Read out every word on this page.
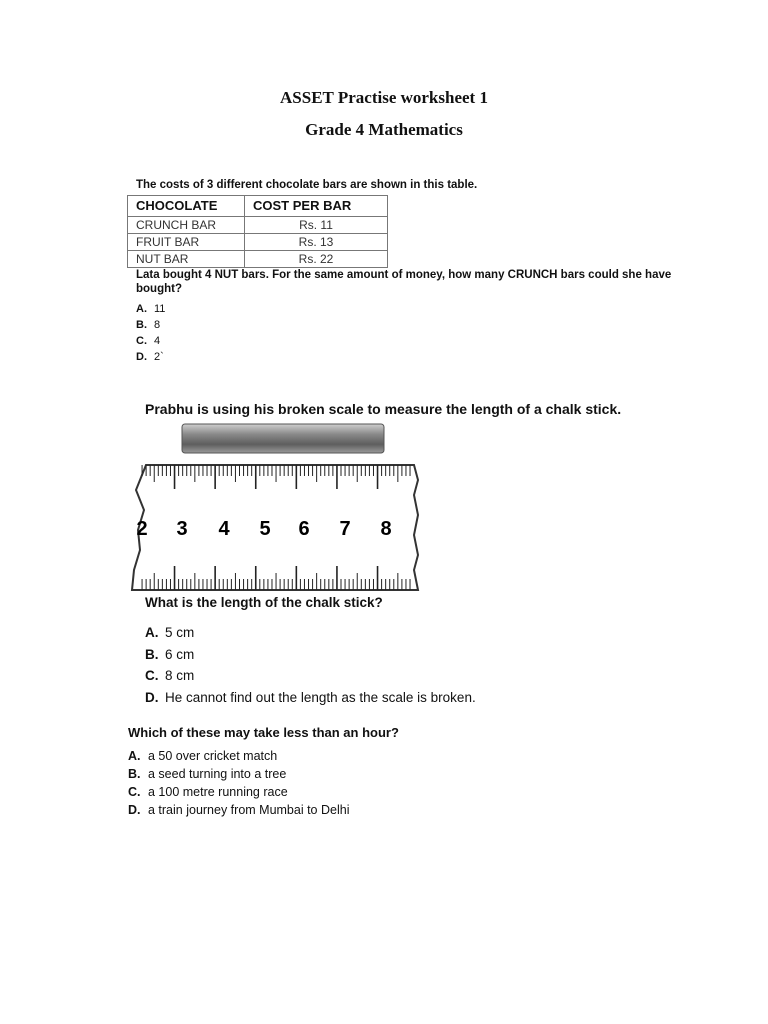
ASSET Practise worksheet 1
Grade 4 Mathematics
The costs of 3 different chocolate bars are shown in this table.
CHOCOLATE	COST PER BAR
CRUNCH BAR	Rs. 11
FRUIT BAR	Rs. 13
NUT BAR	Rs. 22
Lata bought 4 NUT bars. For the same amount of money, how many CRUNCH bars could she have bought?
A. 11
B. 8
C. 4
D. 2`
Prabhu is using his broken scale to measure the length of a chalk stick.
2 3 4 5 6 7 8
What is the length of the chalk stick?
A. 5 cm
B. 6 cm
C. 8 cm
D. He cannot find out the length as the scale is broken.
Which of these may take less than an hour?
A. a 50 over cricket match
B. a seed turning into a tree
C. a 100 metre running race
D. a train journey from Mumbai to Delhi
